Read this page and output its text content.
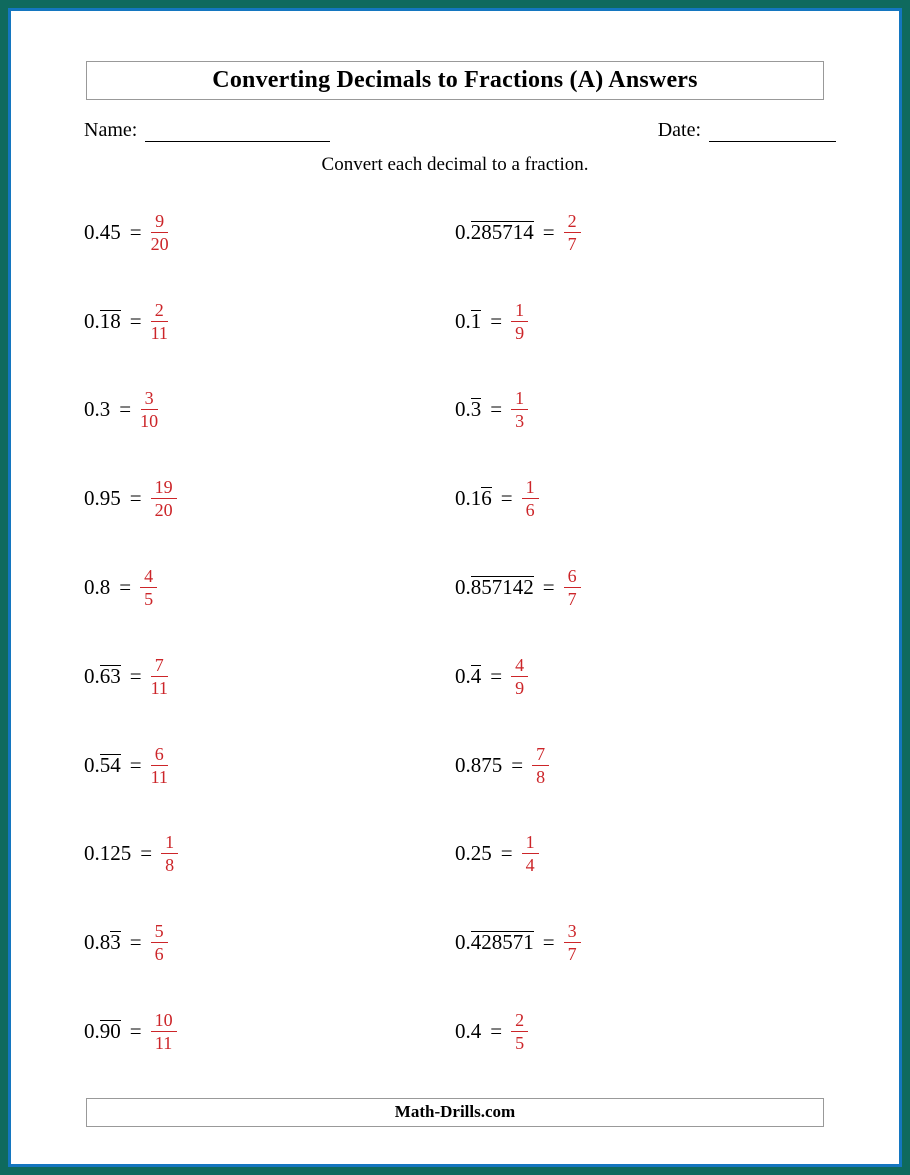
Converting Decimals to Fractions (A) Answers
Name:	Date:
Convert each decimal to a fraction.
$0.45 = \frac{9}{20}$	$0.285714 = \frac{2}{7}$
$0.18 = \frac{2}{11}$	$0.1 = \frac{1}{9}$
$0.3 = \frac{3}{10}$	$0.3 = \frac{1}{3}$
$0.95 = \frac{19}{20}$	$0.16 = \frac{1}{6}$
$0.8 = \frac{4}{5}$	$0.857142 = \frac{6}{7}$
$0.63 = \frac{7}{11}$	$0.4 = \frac{4}{9}$
$0.54 = \frac{6}{11}$	$0.875 = \frac{7}{8}$
$0.125 = \frac{1}{8}$	$0.25 = \frac{1}{4}$
$0.83 = \frac{5}{6}$	$0.428571 = \frac{3}{7}$
$0.90 = \frac{10}{11}$	$0.4 = \frac{2}{5}$
Math-Drills.com
